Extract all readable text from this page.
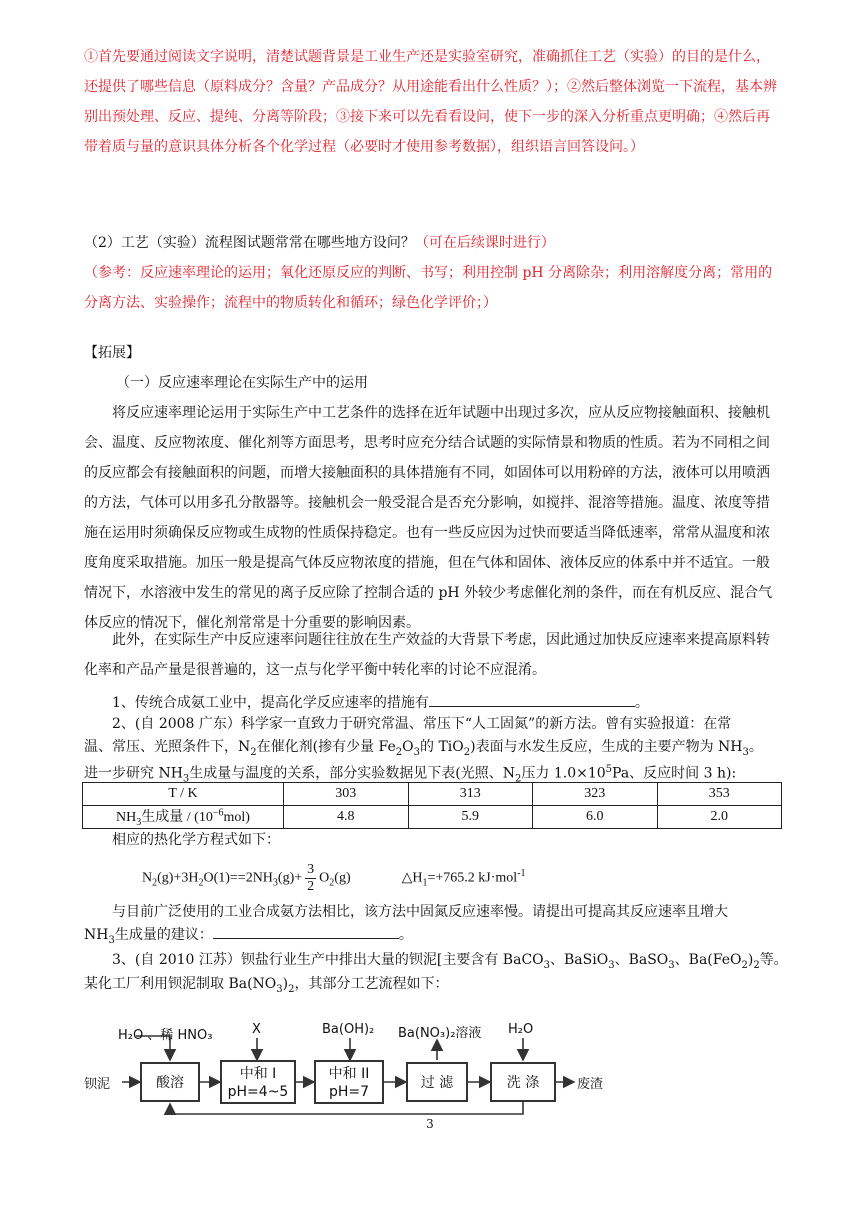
①首先要通过阅读文字说明，清楚试题背景是工业生产还是实验室研究，准确抓住工艺（实验）的目的是什么，还提供了哪些信息（原料成分？含量？产品成分？从用途能看出什么性质？）；②然后整体浏览一下流程，基本辨别出预处理、反应、提纯、分离等阶段；③接下来可以先看看设问，使下一步的深入分析重点更明确；④然后再带着质与量的意识具体分析各个化学过程（必要时才使用参考数据），组织语言回答设问。）

（2）工艺（实验）流程图试题常常在哪些地方设问？（可在后续课时进行）
（参考：反应速率理论的运用；氧化还原反应的判断、书写；利用控制 pH 分离除杂；利用溶解度分离；常用的分离方法、实验操作；流程中的物质转化和循环；绿色化学评价；）

【拓展】

（一）反应速率理论在实际生产中的运用

将反应速率理论运用于实际生产中工艺条件的选择在近年试题中出现过多次，应从反应物接触面积、接触机会、温度、反应物浓度、催化剂等方面思考，思考时应充分结合试题的实际情景和物质的性质。若为不同相之间的反应都会有接触面积的问题，而增大接触面积的具体措施有不同，如固体可以用粉碎的方法，液体可以用喷洒的方法，气体可以用多孔分散器等。接触机会一般受混合是否充分影响，如搅拌、混溶等措施。温度、浓度等措施在运用时须确保反应物或生成物的性质保持稳定。也有一些反应因为过快而要适当降低速率，常常从温度和浓度角度采取措施。加压一般是提高气体反应物浓度的措施，但在气体和固体、液体反应的体系中并不适宜。一般情况下，水溶液中发生的常见的离子反应除了控制合适的 pH 外较少考虑催化剂的条件，而在有机反应、混合气体反应的情况下，催化剂常常是十分重要的影响因素。

此外，在实际生产中反应速率问题往往放在生产效益的大背景下考虑，因此通过加快反应速率来提高原料转化率和产品产量是很普遍的，这一点与化学平衡中转化率的讨论不应混淆。

1、传统合成氨工业中，提高化学反应速率的措施有	。

2、(自 2008 广东）科学家一直致力于研究常温、常压下“人工固氮”的新方法。曾有实验报道：在常

温、常压、光照条件下，$N_2$在催化剂(掺有少量 $Fe_2O_3$的 TiO$_2$)表面与水发生反应，生成的主要产物为 $NH_3$。

进一步研究 $NH_3$生成量与温度的关系，部分实验数据见下表(光照、$N_2$压力 $1.0\times 10^5Pa$、反应时间 3 h):

T / K	303	313	323	353
$NH_3$生成量 / $(10^{-6}mol)$	4.8	5.9	6.0	2.0

相应的热化学方程式如下：

$N_2(g)+3H_2O(1)==2NH_3(g)+ \frac{3}{2} O_2(g)$	$\triangle H_1=+765.2$ kJ·mol$^{-1}$

与目前广泛使用的工业合成氨方法相比，该方法中固氮反应速率慢。请提出可提高其反应速率且增大

$NH_3$生成量的建议：	。

3、(自 2010 江苏）钡盐行业生产中排出大量的钡泥[主要含有 BaCO$_3$、BaSiO$_3$、BaSO$_3$、$Ba(FeO_2)_2$等。

某化工厂利用钡泥制取 $Ba(NO_3)_2$，其部分工艺流程如下：

钡泥	废渣
H₂O 、稀 HNO₃	X	Ba(OH)₂ Ba(NO₃)₂溶液 H₂O
酸溶
中和 I
pH=4~5
中和 II
pH=7
过 滤	洗 涤
3
